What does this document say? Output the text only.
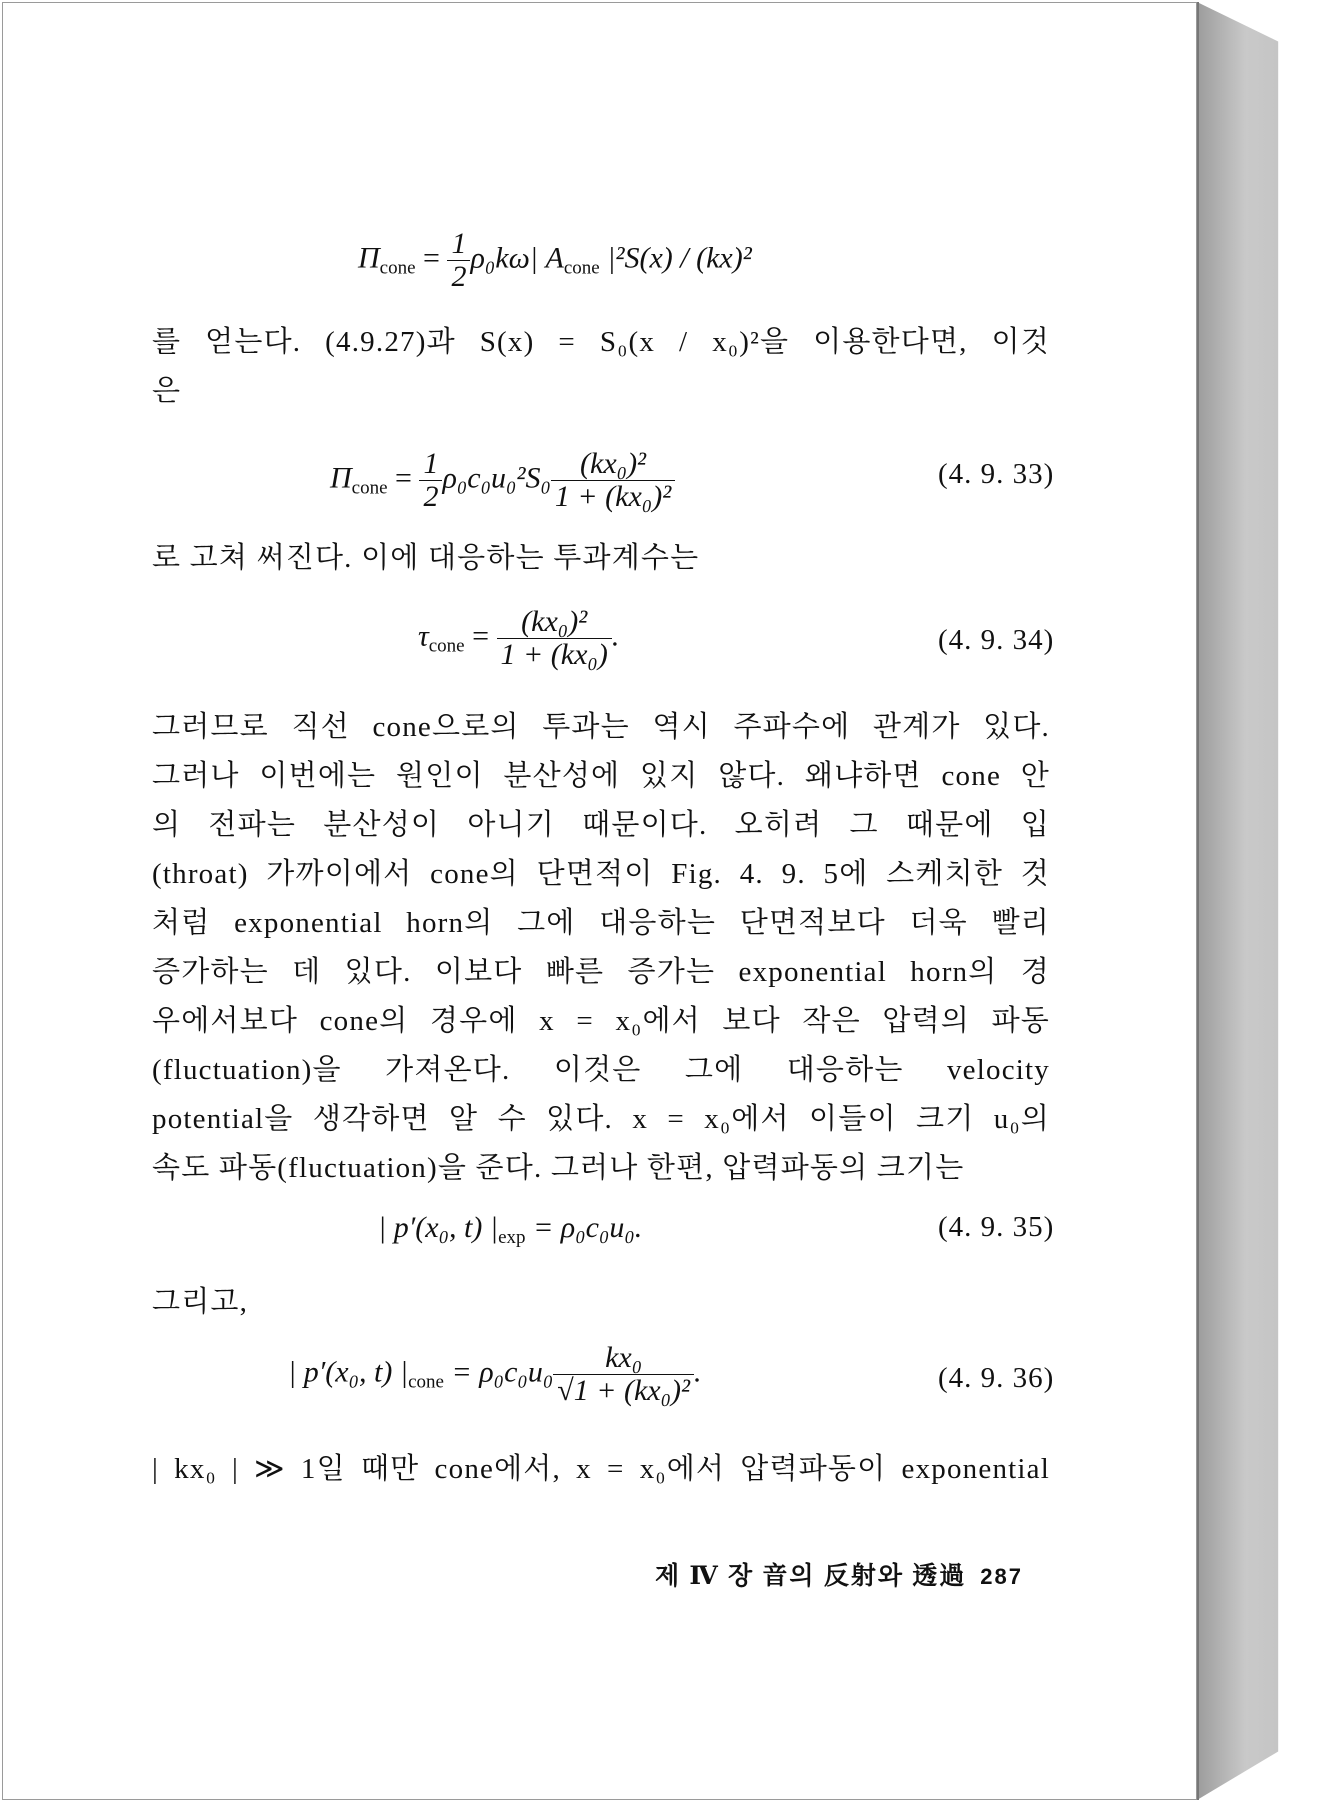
$\Pi_{cone} = \frac{1}{2} \rho_0k\omega|$ $A_{cone}$ |²S(x) / (kx)²
를 얻는다. (4.9.27)과 S(x) = S₀(x / x₀)²을 이용한다면, 이것
은
$\Pi_{cone} = \frac{1}{2} \rho_0c_0u_0^2S_0 \frac{\text{(kx₀)²}}{\text{1 + (kx₀)²}}$	(4. 9. 33)
로 고쳐 써진다. 이에 대응하는 투과계수는
$\tau_{cone} = \frac{\text{(kx₀)²}}{\text{1 + (kx₀)}}$ .	(4. 9. 34)
그러므로 직선 cone으로의 투과는 역시 주파수에 관계가 있다.
그러나 이번에는 원인이 분산성에 있지 않다. 왜냐하면 cone 안
의 전파는 분산성이 아니기 때문이다. 오히려 그 때문에 입
(throat) 가까이에서 cone의 단면적이 Fig. 4. 9. 5에 스케치한 것
처럼 exponential horn의 그에 대응하는 단면적보다 더욱 빨리
증가하는 데 있다. 이보다 빠른 증가는 exponential horn의 경
우에서보다 cone의 경우에 x = x₀에서 보다 작은 압력의 파동
(fluctuation)을 가져온다. 이것은 그에 대응하는 velocity
potential을 생각하면 알 수 있다. x = x₀에서 이들이 크기 u₀의
속도 파동(fluctuation)을 준다. 그러나 한편, 압력파동의 크기는
| p′(x₀, t) $|_{exp} = \rho_0c_0u_0$.	(4. 9. 35)
그리고,
| p′(x₀, t) $|_{cone} = \rho_0c_0u_0 \frac{\text{kx₀}}{\text{√1 + (kx₀)²}}$ .	(4. 9. 36)
| kx₀ | ≫ 1일 때만 cone에서, x = x₀에서 압력파동이 exponential
제 Ⅳ 장 音의 反射와 透過 287
